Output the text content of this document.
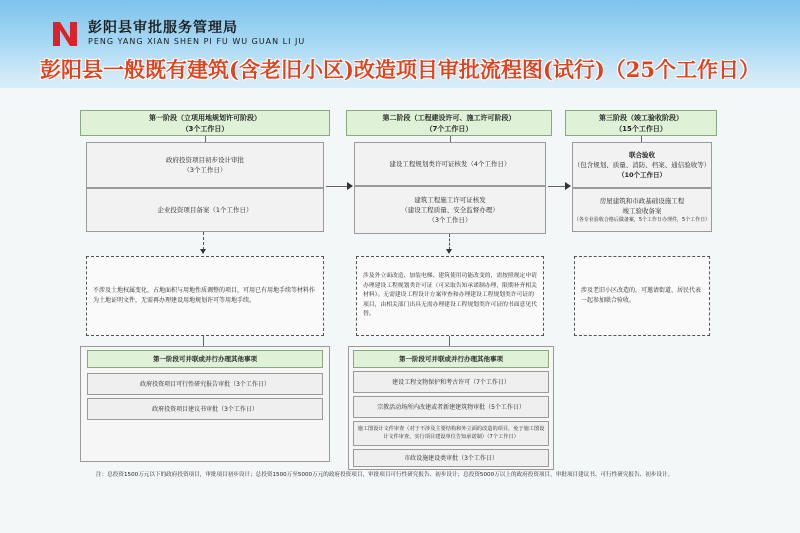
彭阳县审批服务管理局
PENG YANG XIAN SHEN PI FU WU GUAN LI JU
彭阳县一般既有建筑(含老旧小区)改造项目审批流程图(试行)（25个工作日）
第一阶段（立项用地规划许可阶段）
（3个工作日）
政府投资项目初步设计审批
（3个工作日）
企业投资项目备案（1个工作日）
不涉及土地权属变化，占地面积与用地性质调整的项目，可用已有用地手续等材料作为土地证明文件，无需再办理建设用地规划许可等用地手续。
第二阶段（工程建设许可、施工许可阶段）
（7个工作日）
建设工程规划类许可证核发（4个工作日）
建筑工程施工许可证核发
（建设工程质量、安全监督办理）
（3个工作日）
涉及外立面改造、加装电梯、建筑使用功能改变的，需按照规定申请办理建设工程规划类许可证（可采取告知承诺制办理，限期补齐相关材料）。无需建设工程设计方案审查和办理建设工程规划类许可证的项目，由相关部门出具无需办理建设工程规划类许可证的书面意见代替。
第三阶段（竣工验收阶段）
（15个工作日）
联合验收
（包含规划、质量、消防、档案、通信验收等）
（10个工作日）
房屋建筑和市政基础设施工程
竣工验收备案
（各专业验收合格后做备案，5个工作日办理件，5个工作日）
涉及老旧小区改造的，可邀请街道、居民代表一起参加联合验收。
第一阶段可并联或并行办理其他事项
政府投资项目可行性研究报告审批（3个工作日）
政府投资项目建议书审批（3个工作日）
第一阶段可并联或并行办理其他事项
建设工程文物保护和考古许可（7个工作日）
宗教活动场所内改建或者新建建筑物审批（5个工作日）
施工图设计文件审查（对于不涉及主要结构和外立面的改造的项目，免于施工图设计文件审查，实行项目建设单位告知承诺制）（7个工作日）
市政设施建设类审批（3个工作日）
注：总投资1500万元以下的政府投资项目，审批项目初步设计；总投资1500万至5000万元的政府投资项目，审批项目可行性研究报告、初步设计；总投资5000万以上的政府投资项目，审批项目建议书、可行性研究报告、初步设计。
